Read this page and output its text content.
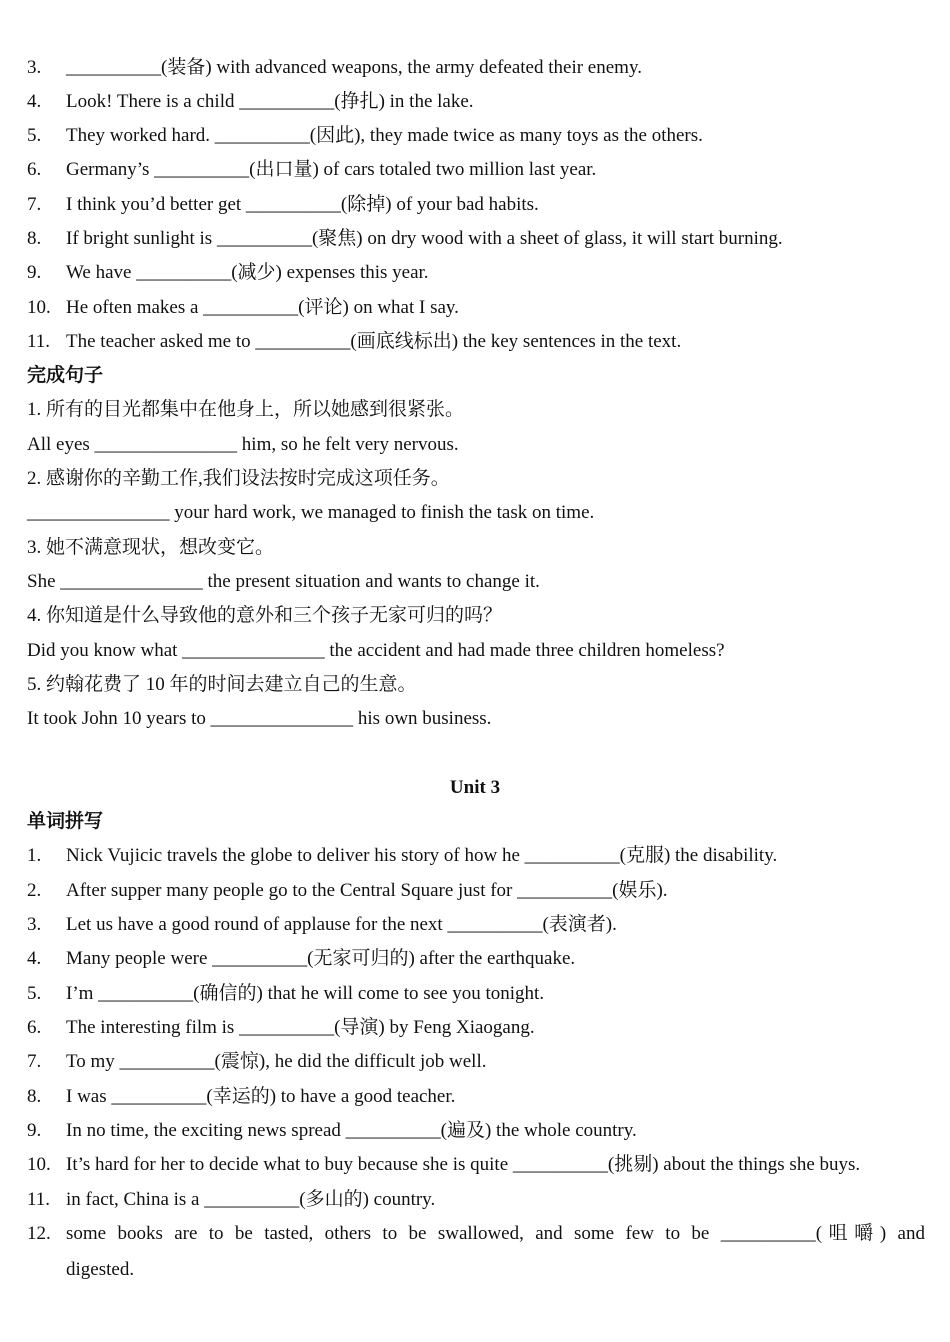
3. __________(装备) with advanced weapons, the army defeated their enemy.
4. Look! There is a child __________(挣扎) in the lake.
5. They worked hard. __________(因此), they made twice as many toys as the others.
6. Germany’s __________(出口量) of cars totaled two million last year.
7. I think you’d better get __________(除掉) of your bad habits.
8. If bright sunlight is __________(聚焦) on dry wood with a sheet of glass, it will start burning.
9. We have __________(减少) expenses this year.
10. He often makes a __________(评论) on what I say.
11. The teacher asked me to __________(画底线标出) the key sentences in the text.
完成句子
1. 所有的目光都集中在他身上，所以她感到很紧张。
All eyes _______________ him, so he felt very nervous.
2. 感谢你的辛勤工作,我们设法按时完成这项任务。
_______________ your hard work, we managed to finish the task on time.
3. 她不满意现状，想改变它。
She _______________ the present situation and wants to change it.
4. 你知道是什么导致他的意外和三个孩子无家可归的吗？
Did you know what _______________ the accident and had made three children homeless?
5. 约翰花费了 10 年的时间去建立自己的生意。
It took John 10 years to _______________ his own business.
Unit 3
单词拼写
1. Nick Vujicic travels the globe to deliver his story of how he __________(克服) the disability.
2. After supper many people go to the Central Square just for __________(娱乐).
3. Let us have a good round of applause for the next __________(表演者).
4. Many people were __________(无家可归的) after the earthquake.
5. I’m __________(确信的) that he will come to see you tonight.
6. The interesting film is __________(导演) by Feng Xiaogang.
7. To my __________(震惊), he did the difficult job well.
8. I was __________(幸运的) to have a good teacher.
9. In no time, the exciting news spread __________(遍及) the whole country.
10. It’s hard for her to decide what to buy because she is quite __________(挑剔) about the things she buys.
11. in fact, China is a __________(多山的) country.
12. some books are to be tasted, others to be swallowed, and some few to be __________(咀嚼) and
digested.
